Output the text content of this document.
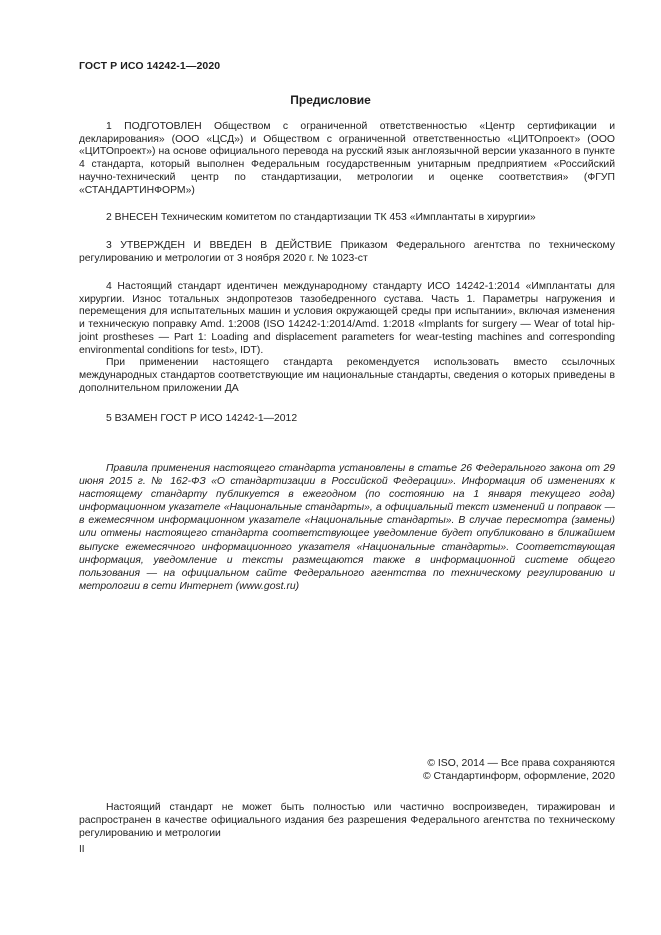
ГОСТ Р ИСО 14242-1—2020
Предисловие

1 ПОДГОТОВЛЕН Обществом с ограниченной ответственностью «Центр сертификации и декларирования» (ООО «ЦСД») и Обществом с ограниченной ответственностью «ЦИТОпроект» (ООО «ЦИТОпроект») на основе официального перевода на русский язык англоязычной версии указанного в пункте 4 стандарта, который выполнен Федеральным государственным унитарным предприятием «Российский научно-технический центр по стандартизации, метрологии и оценке соответствия» (ФГУП «СТАНДАРТИНФОРМ»)

2 ВНЕСЕН Техническим комитетом по стандартизации ТК 453 «Имплантаты в хирургии»

3 УТВЕРЖДЕН И ВВЕДЕН В ДЕЙСТВИЕ Приказом Федерального агентства по техническому регулированию и метрологии от 3 ноября 2020 г. № 1023-ст

4 Настоящий стандарт идентичен международному стандарту ИСО 14242-1:2014 «Имплантаты для хирургии. Износ тотальных эндопротезов тазобедренного сустава. Часть 1. Параметры нагружения и перемещения для испытательных машин и условия окружающей среды при испытании», включая изменения и техническую поправку Amd. 1:2008 (ISO 14242-1:2014/Amd. 1:2018 «Implants for surgery — Wear of total hip-joint prostheses — Part 1: Loading and displacement parameters for wear-testing machines and corresponding environmental conditions for test», IDT).

При применении настоящего стандарта рекомендуется использовать вместо ссылочных международных стандартов соответствующие им национальные стандарты, сведения о которых приведены в дополнительном приложении ДА

5 ВЗАМЕН ГОСТ Р ИСО 14242-1—2012

Правила применения настоящего стандарта установлены в статье 26 Федерального закона от 29 июня 2015 г. № 162-ФЗ «О стандартизации в Российской Федерации». Информация об изменениях к настоящему стандарту публикуется в ежегодном (по состоянию на 1 января текущего года) информационном указателе «Национальные стандарты», а официальный текст изменений и поправок — в ежемесячном информационном указателе «Национальные стандарты». В случае пересмотра (замены) или отмены настоящего стандарта соответствующее уведомление будет опубликовано в ближайшем выпуске ежемесячного информационного указателя «Национальные стандарты». Соответствующая информация, уведомление и тексты размещаются также в информационной системе общего пользования — на официальном сайте Федерального агентства по техническому регулированию и метрологии в сети Интернет (www.gost.ru)

© ISO, 2014 — Все права сохраняются
© Стандартинформ, оформление, 2020

Настоящий стандарт не может быть полностью или частично воспроизведен, тиражирован и распространен в качестве официального издания без разрешения Федерального агентства по техническому регулированию и метрологии

II
